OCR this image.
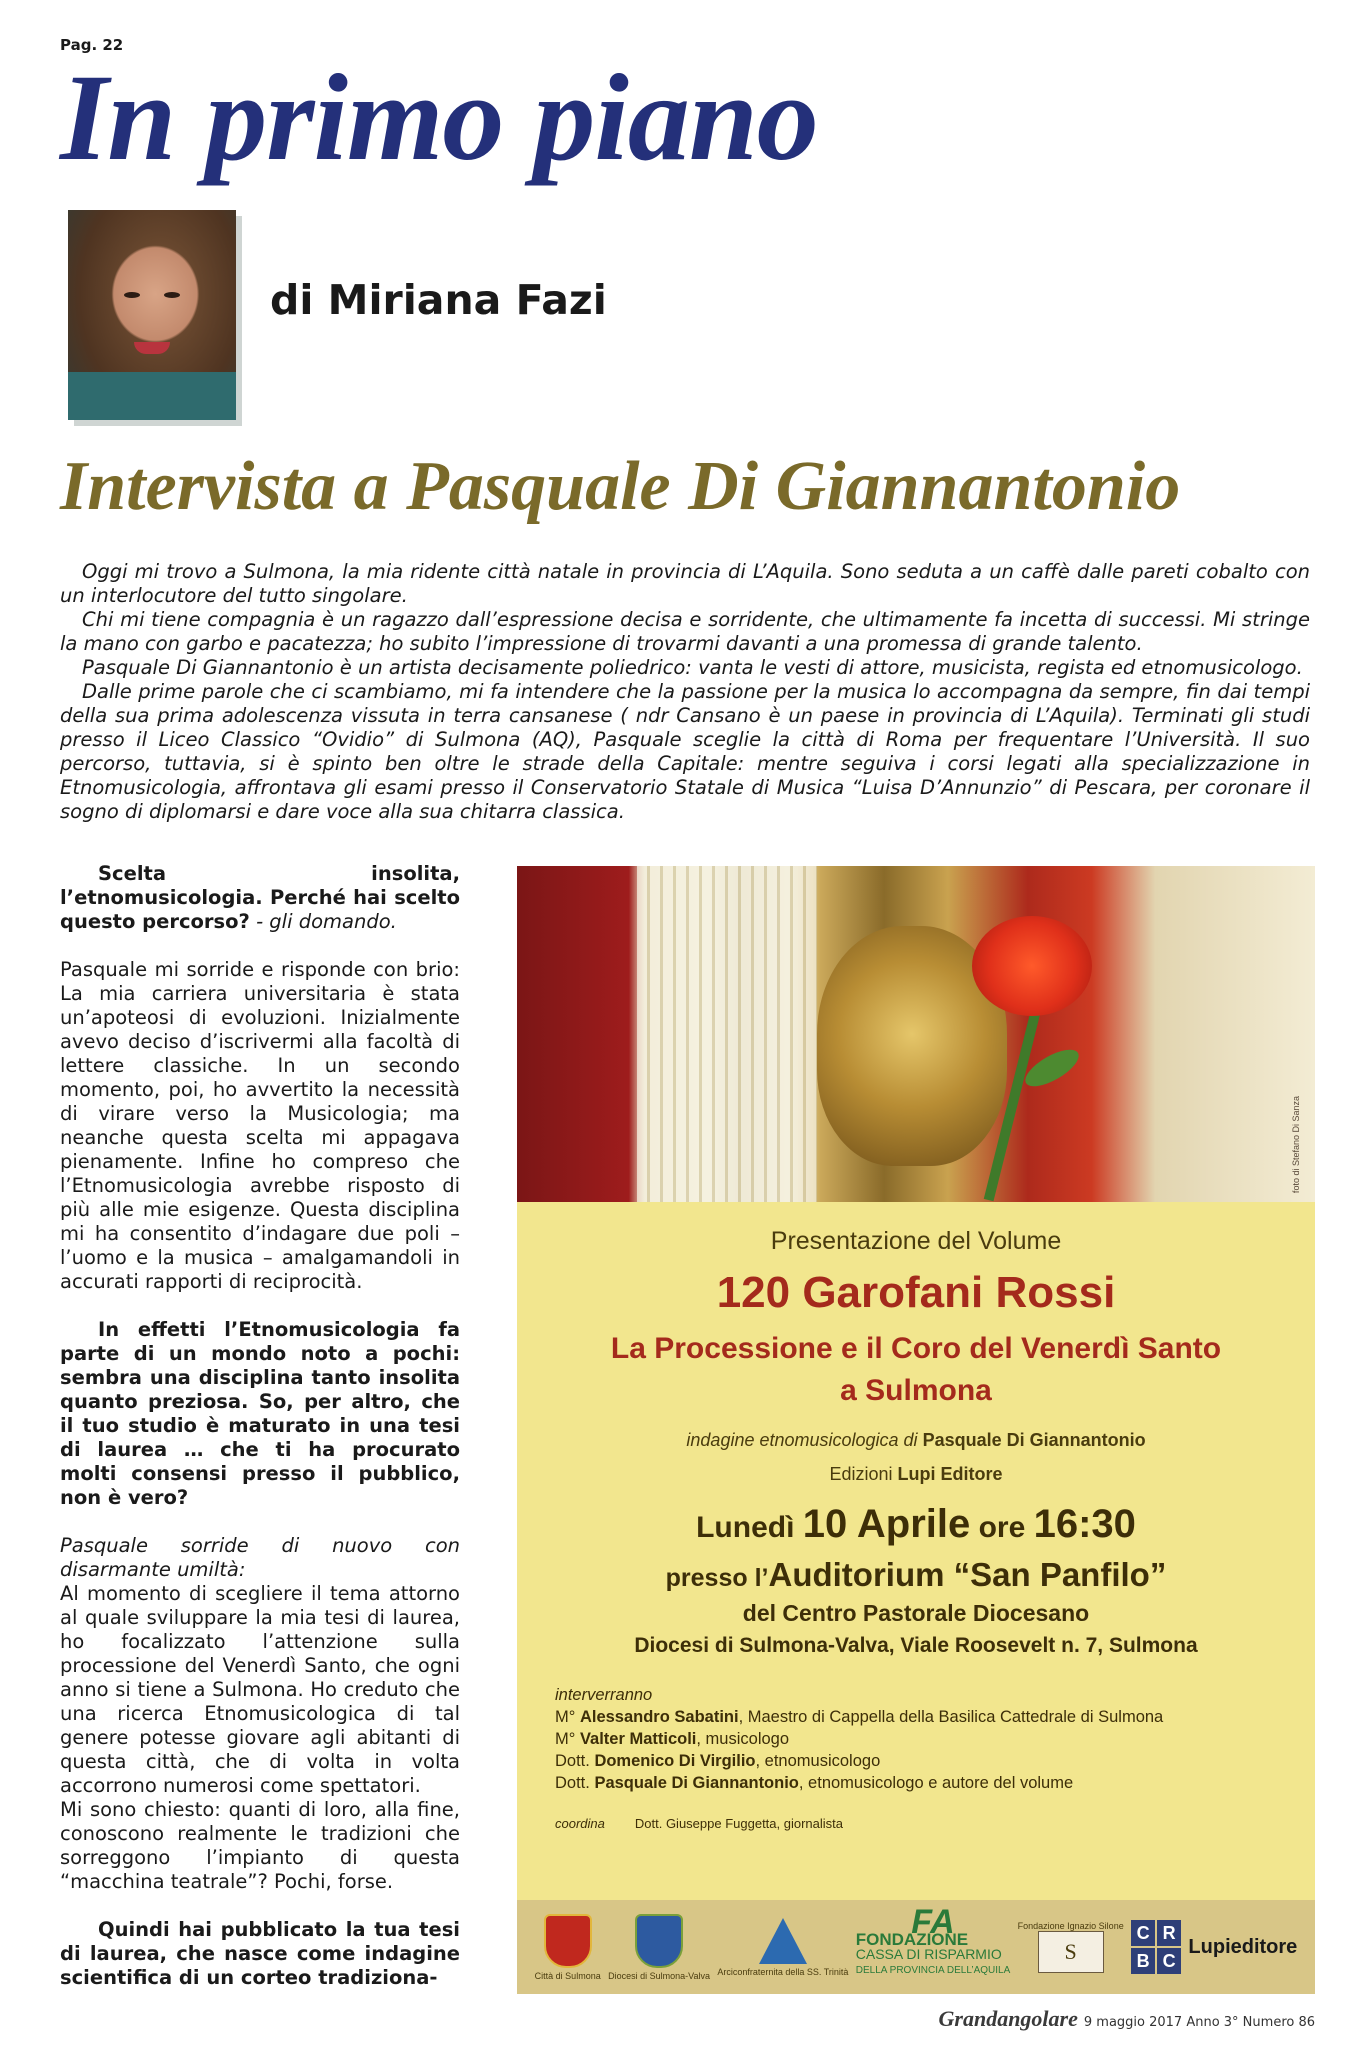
Pag. 22
In primo piano
di Miriana Fazi
Intervista a Pasquale Di Giannantonio

Oggi mi trovo a Sulmona, la mia ridente città natale in provincia di L’Aquila. Sono seduta a un caffè dalle pareti cobalto con un interlocutore del tutto singolare.

Chi mi tiene compagnia è un ragazzo dall’espressione decisa e sorridente, che ultimamente fa incetta di successi. Mi stringe la mano con garbo e pacatezza; ho subito l’impressione di trovarmi davanti a una promessa di grande talento.

Pasquale Di Giannantonio è un artista decisamente poliedrico: vanta le vesti di attore, musicista, regista ed etnomusicologo.

Dalle prime parole che ci scambiamo, mi fa intendere che la passione per la musica lo accompagna da sempre, fin dai tempi della sua prima adolescenza vissuta in terra cansanese ( ndr Cansano è un paese in provincia di L’Aquila). Terminati gli studi presso il Liceo Classico “Ovidio” di Sulmona (AQ), Pasquale sceglie la città di Roma per frequentare l’Università. Il suo percorso, tuttavia, si è spinto ben oltre le strade della Capitale: mentre seguiva i corsi legati alla specializzazione in Etnomusicologia, affrontava gli esami presso il Conservatorio Statale di Musica “Luisa D’Annunzio” di Pescara, per coronare il sogno di diplomarsi e dare voce alla sua chitarra classica.

Scelta insolita, l’etnomusicologia. Perché hai scelto questo percorso? - gli domando.

Pasquale mi sorride e risponde con brio: La mia carriera universitaria è stata un’apoteosi di evoluzioni. Inizialmente avevo deciso d’iscrivermi alla facoltà di lettere classiche. In un secondo momento, poi, ho avvertito la necessità di virare verso la Musicologia; ma neanche questa scelta mi appagava pienamente. Infine ho compreso che l’Etnomusicologia avrebbe risposto di più alle mie esigenze. Questa disciplina mi ha consentito d’indagare due poli – l’uomo e la musica – amalgamandoli in accurati rapporti di reciprocità.

In effetti l’Etnomusicologia fa parte di un mondo noto a pochi: sembra una disciplina tanto insolita quanto preziosa. So, per altro, che il tuo studio è maturato in una tesi di laurea … che ti ha procurato molti consensi presso il pubblico, non è vero?

Pasquale sorride di nuovo con disarmante umiltà:

Al momento di scegliere il tema attorno al quale sviluppare la mia tesi di laurea, ho focalizzato l’attenzione sulla processione del Venerdì Santo, che ogni anno si tiene a Sulmona. Ho creduto che una ricerca Etnomusicologica di tal genere potesse giovare agli abitanti di questa città, che di volta in volta accorrono numerosi come spettatori.

Mi sono chiesto: quanti di loro, alla fine, conoscono realmente le tradizioni che sorreggono l’impianto di questa “macchina teatrale”? Pochi, forse.

Quindi hai pubblicato la tua tesi di laurea, che nasce come indagine scientifica di un corteo tradiziona-

foto di Stefano Di Sanza
Presentazione del Volume
120 Garofani Rossi
La Processione e il Coro del Venerdì Santo
a Sulmona
indagine etnomusicologica di Pasquale Di Giannantonio
Edizioni Lupi Editore
Lunedì 10 Aprile ore 16:30
presso l’Auditorium “San Panfilo”
del Centro Pastorale Diocesano
Diocesi di Sulmona-Valva, Viale Roosevelt n. 7, Sulmona
interverranno
M° Alessandro Sabatini, Maestro di Cappella della Basilica Cattedrale di Sulmona
M° Valter Matticoli, musicologo
Dott. Domenico Di Virgilio, etnomusicologo
Dott. Pasquale Di Giannantonio, etnomusicologo e autore del volume
coordina Dott. Giuseppe Fuggetta, giornalista
Città di Sulmona Diocesi di Sulmona-Valva Arciconfraternita della SS. Trinità
FA
FONDAZIONE
CASSA DI RISPARMIO
DELLA PROVINCIA DELL’AQUILA
Fondazione Ignazio Silone
S
C R
B C
Lupieditore
Grandangolare 9 maggio 2017 Anno 3° Numero 86
